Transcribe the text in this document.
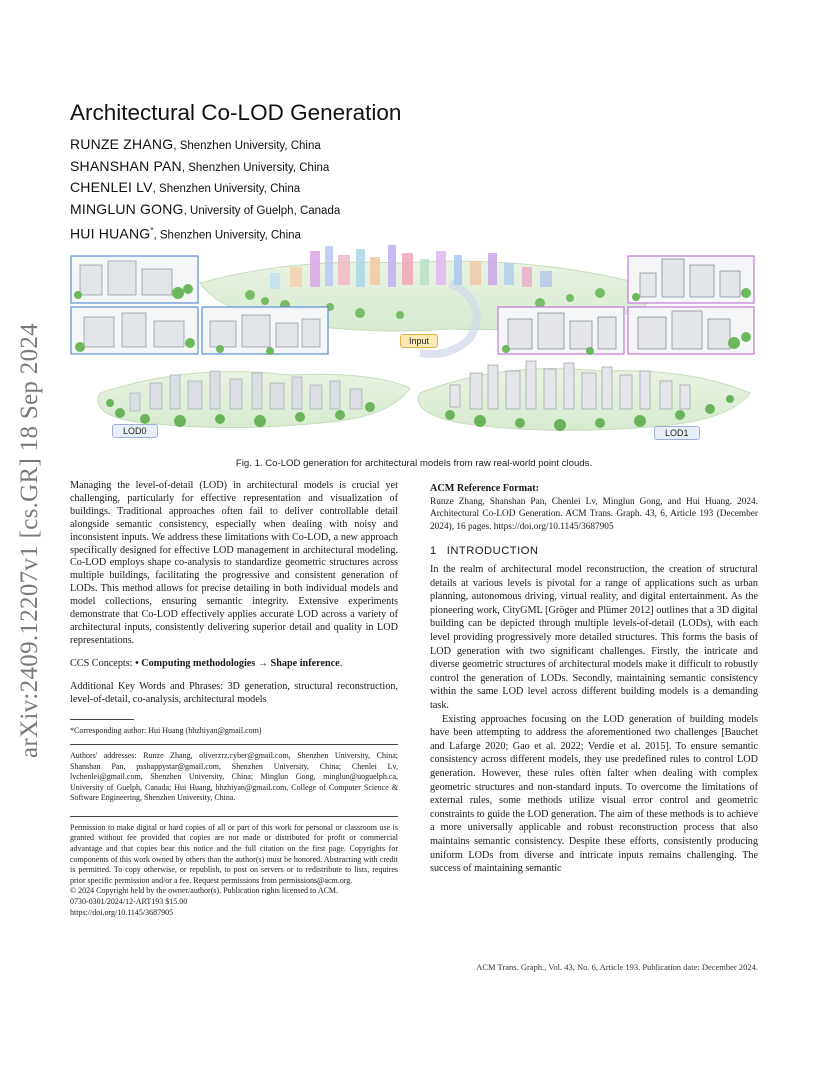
arXiv:2409.12207v1 [cs.GR] 18 Sep 2024
Architectural Co-LOD Generation
RUNZE ZHANG, Shenzhen University, China
SHANSHAN PAN, Shenzhen University, China
CHENLEI LV, Shenzhen University, China
MINGLUN GONG, University of Guelph, Canada
HUI HUANG*, Shenzhen University, China
Input
LOD0	LOD1
Fig. 1. Co-LOD generation for architectural models from raw real-world point clouds.

Managing the level-of-detail (LOD) in architectural models is crucial yet challenging, particularly for effective representation and visualization of buildings. Traditional approaches often fail to deliver controllable detail alongside semantic consistency, especially when dealing with noisy and inconsistent inputs. We address these limitations with Co-LOD, a new approach specifically designed for effective LOD management in architectural modeling. Co-LOD employs shape co-analysis to standardize geometric structures across multiple buildings, facilitating the progressive and consistent generation of LODs. This method allows for precise detailing in both individual models and model collections, ensuring semantic integrity. Extensive experiments demonstrate that Co-LOD effectively applies accurate LOD across a variety of architectural inputs, consistently delivering superior detail and quality in LOD representations.

CCS Concepts: • Computing methodologies → Shape inference.

Additional Key Words and Phrases: 3D generation, structural reconstruction, level-of-detail, co-analysis, architectural models

*Corresponding author: Hui Huang (hhzhiyan@gmail.com)

Authors' addresses: Runze Zhang, oliverzrz.cyber@gmail.com, Shenzhen University, China; Shanshan Pan, psshappystar@gmail.com, Shenzhen University, China; Chenlei Lv, lvchenlei@gmail.com, Shenzhen University, China; Minglun Gong, minglun@uoguelph.ca, University of Guelph, Canada; Hui Huang, hhzhiyan@gmail.com, College of Computer Science & Software Engineering, Shenzhen University, China.

Permission to make digital or hard copies of all or part of this work for personal or classroom use is granted without fee provided that copies are not made or distributed for profit or commercial advantage and that copies bear this notice and the full citation on the first page. Copyrights for components of this work owned by others than the author(s) must be honored. Abstracting with credit is permitted. To copy otherwise, or republish, to post on servers or to redistribute to lists, requires prior specific permission and/or a fee. Request permissions from permissions@acm.org.

© 2024 Copyright held by the owner/author(s). Publication rights licensed to ACM.

0730-0301/2024/12-ART193 $15.00

https://doi.org/10.1145/3687905

ACM Reference Format:

Runze Zhang, Shanshan Pan, Chenlei Lv, Minglun Gong, and Hui Huang. 2024. Architectural Co-LOD Generation. ACM Trans. Graph. 43, 6, Article 193 (December 2024), 16 pages. https://doi.org/10.1145/3687905

1 INTRODUCTION

In the realm of architectural model reconstruction, the creation of structural details at various levels is pivotal for a range of applications such as urban planning, autonomous driving, virtual reality, and digital entertainment. As the pioneering work, CityGML [Gröger and Plümer 2012] outlines that a 3D digital building can be depicted through multiple levels-of-detail (LODs), with each level providing progressively more detailed structures. This forms the basis of LOD generation with two significant challenges. Firstly, the intricate and diverse geometric structures of architectural models make it difficult to robustly control the generation of LODs. Secondly, maintaining semantic consistency within the same LOD level across different building models is a demanding task.

Existing approaches focusing on the LOD generation of building models have been attempting to address the aforementioned two challenges [Bauchet and Lafarge 2020; Gao et al. 2022; Verdie et al. 2015]. To ensure semantic consistency across different models, they use predefined rules to control LOD generation. However, these rules often falter when dealing with complex geometric structures and non-standard inputs. To overcome the limitations of external rules, some methods utilize visual error control and geometric constraints to guide the LOD generation. The aim of these methods is to achieve a more universally applicable and robust reconstruction process that also maintains semantic consistency. Despite these efforts, consistently producing uniform LODs from diverse and intricate inputs remains challenging. The success of maintaining semantic

ACM Trans. Graph., Vol. 43, No. 6, Article 193. Publication date: December 2024.
